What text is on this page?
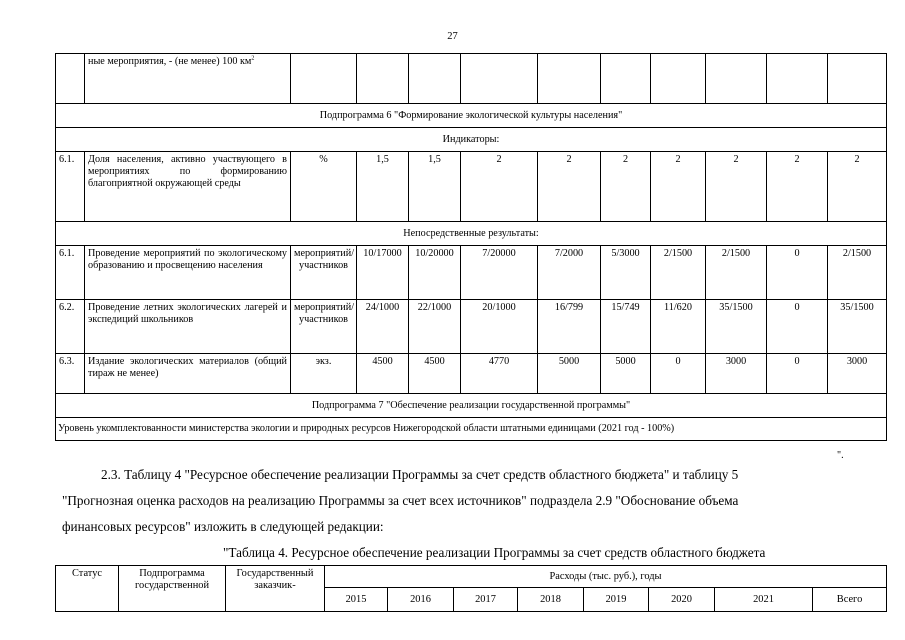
27
	ные мероприятия, - (не менее) 100 $км^2$										
Подпрограмма 6 "Формирование экологической культуры населения"											
Индикаторы:											
6.1.	Доля населения, активно участвующего в мероприятиях по формированию благоприятной окружающей среды	%	1,5	1,5	2	2	2	2	2	2	2
Непосредственные результаты:											
6.1.	Проведение мероприятий по экологическому образованию и просвещению населения	мероприятий/участников	10/17000	10/20000	7/20000	7/2000	5/3000	2/1500	2/1500	0	2/1500
6.2.	Проведение летних экологических лагерей и экспедиций школьников	мероприятий/участников	24/1000	22/1000	20/1000	16/799	15/749	11/620	35/1500	0	35/1500
6.3.	Издание экологических материалов (общий тираж не менее)	экз.	4500	4500	4770	5000	5000	0	3000	0	3000
Подпрограмма 7 "Обеспечение реализации государственной программы"											
Уровень укомплектованности министерства экологии и природных ресурсов Нижегородской области штатными единицами (2021 год - 100%)											
".
2.3. Таблицу 4 "Ресурсное обеспечение реализации Программы за счет средств областного бюджета" и таблицу 5
"Прогнозная оценка расходов на реализацию Программы за счет всех источников" подраздела 2.9 "Обоснование объема
финансовых ресурсов" изложить в следующей редакции:
"Таблица 4. Ресурсное обеспечение реализации Программы за счет средств областного бюджета
Статус	Подпрограмма государственной	Государственный заказчик-	Расходы (тыс. руб.), годы							
			2015	2016	2017	2018	2019	2020	2021	Всего
